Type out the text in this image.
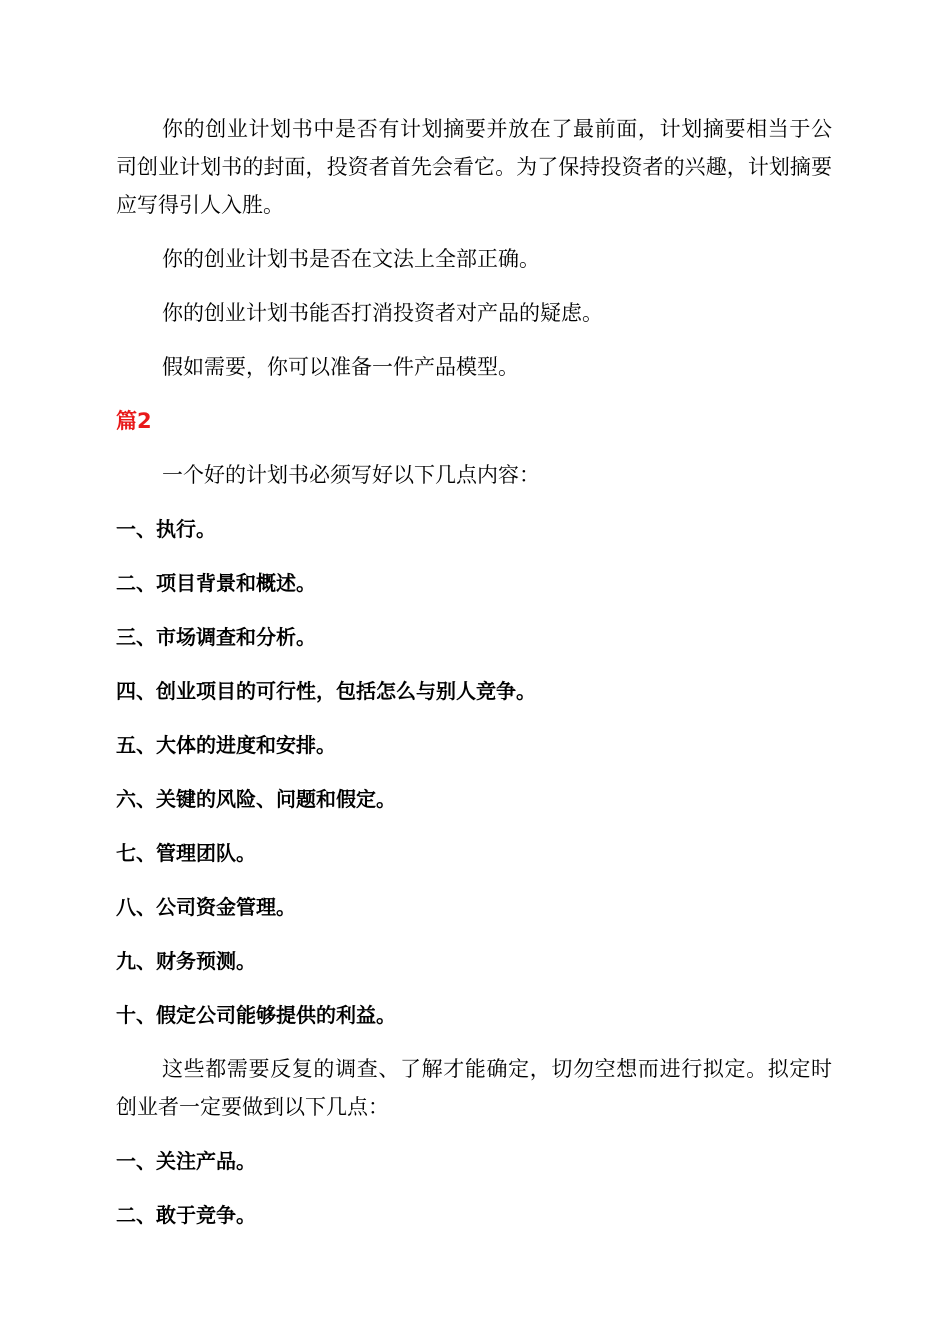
你的创业计划书中是否有计划摘要并放在了最前面，计划摘要相当于公司创业计划书的封面，投资者首先会看它。为了保持投资者的兴趣，计划摘要应写得引人入胜。

你的创业计划书是否在文法上全部正确。

你的创业计划书能否打消投资者对产品的疑虑。

假如需要，你可以准备一件产品模型。

篇2

一个好的计划书必须写好以下几点内容：

一、执行。
二、项目背景和概述。
三、市场调查和分析。
四、创业项目的可行性，包括怎么与别人竞争。
五、大体的进度和安排。
六、关键的风险、问题和假定。
七、管理团队。
八、公司资金管理。
九、财务预测。
十、假定公司能够提供的利益。

这些都需要反复的调查、了解才能确定，切勿空想而进行拟定。拟定时创业者一定要做到以下几点：

一、关注产品。
二、敢于竞争。
